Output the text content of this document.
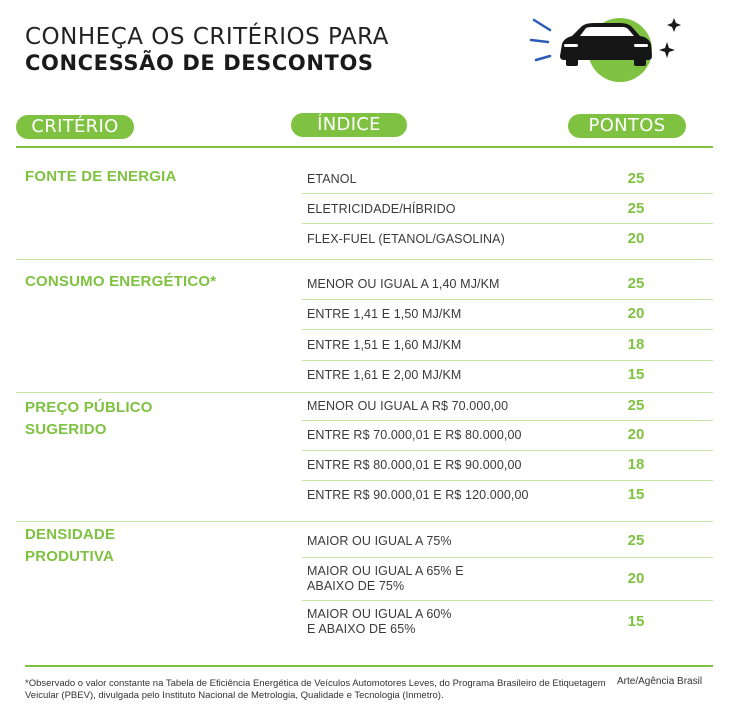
CONHEÇA OS CRITÉRIOS PARA
CONCESSÃO DE DESCONTOS
CRITÉRIO	ÍNDICE	PONTOS
FONTE DE ENERGIA	ETANOL	25
ELETRICIDADE/HÍBRIDO	25
FLEX-FUEL (ETANOL/GASOLINA)	20
CONSUMO ENERGÉTICO*	MENOR OU IGUAL A 1,40 MJ/KM	25
ENTRE 1,41 E 1,50 MJ/KM	20
ENTRE 1,51 E 1,60 MJ/KM	18
ENTRE 1,61 E 2,00 MJ/KM	15
PREÇO PÚBLICO
SUGERIDO
MENOR OU IGUAL A R$ 70.000,00	25
ENTRE R$ 70.000,01 E R$ 80.000,00	20
ENTRE R$ 80.000,01 E R$ 90.000,00	18
ENTRE R$ 90.000,01 E R$ 120.000,00	15
DENSIDADE
PRODUTIVA
MAIOR OU IGUAL A 75%	25
MAIOR OU IGUAL A 65% E
ABAIXO DE 75%	20
MAIOR OU IGUAL A 60%
E ABAIXO DE 65%	15
*Observado o valor constante na Tabela de Eficiência Energética de Veículos Automotores Leves, do Programa Brasileiro de Etiquetagem Veicular (PBEV), divulgada pelo Instituto Nacional de Metrologia, Qualidade e Tecnologia (Inmetro).
Arte/Agência Brasil
